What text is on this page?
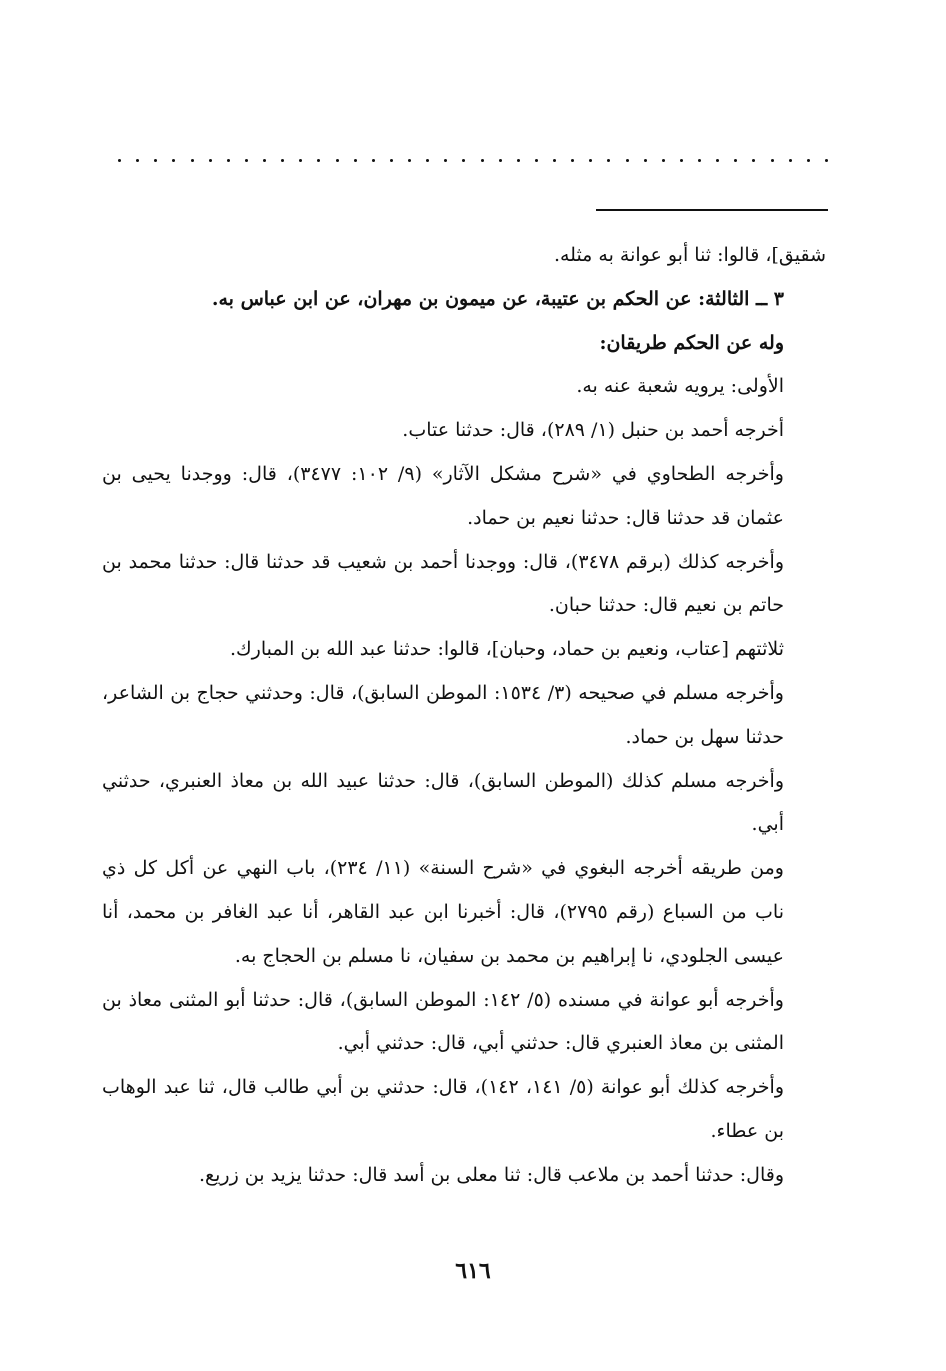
شقيق]، قالوا: ثنا أبو عوانة به مثله.

٣ ــ الثالثة: عن الحكم بن عتيبة، عن ميمون بن مهران، عن ابن عباس به.

وله عن الحكم طريقان:

الأولى: يرويه شعبة عنه به.

أخرجه أحمد بن حنبل (١/ ٢٨٩)، قال: حدثنا عتاب.

وأخرجه الطحاوي في «شرح مشكل الآثار» (٩/ ١٠٢: ٣٤٧٧)، قال: ووجدنا يحيى بن عثمان قد حدثنا قال: حدثنا نعيم بن حماد.

وأخرجه كذلك (برقم ٣٤٧٨)، قال: ووجدنا أحمد بن شعيب قد حدثنا قال: حدثنا محمد بن حاتم بن نعيم قال: حدثنا حبان.

ثلاثتهم [عتاب، ونعيم بن حماد، وحبان]، قالوا: حدثنا عبد الله بن المبارك.

وأخرجه مسلم في صحيحه (٣/ ١٥٣٤: الموطن السابق)، قال: وحدثني حجاج بن الشاعر، حدثنا سهل بن حماد.

وأخرجه مسلم كذلك (الموطن السابق)، قال: حدثنا عبيد الله بن معاذ العنبري، حدثني أبي.

ومن طريقه أخرجه البغوي في «شرح السنة» (١١/ ٢٣٤)، باب النهي عن أكل كل ذي ناب من السباع (رقم ٢٧٩٥)، قال: أخبرنا ابن عبد القاهر، أنا عبد الغافر بن محمد، أنا عيسى الجلودي، نا إبراهيم بن محمد بن سفيان، نا مسلم بن الحجاج به.

وأخرجه أبو عوانة في مسنده (٥/ ١٤٢: الموطن السابق)، قال: حدثنا أبو المثنى معاذ بن المثنى بن معاذ العنبري قال: حدثني أبي، قال: حدثني أبي.

وأخرجه كذلك أبو عوانة (٥/ ١٤١، ١٤٢)، قال: حدثني بن أبي طالب قال، ثنا عبد الوهاب بن عطاء.

وقال: حدثنا أحمد بن ملاعب قال: ثنا معلى بن أسد قال: حدثنا يزيد بن زريع.

٦١٦
